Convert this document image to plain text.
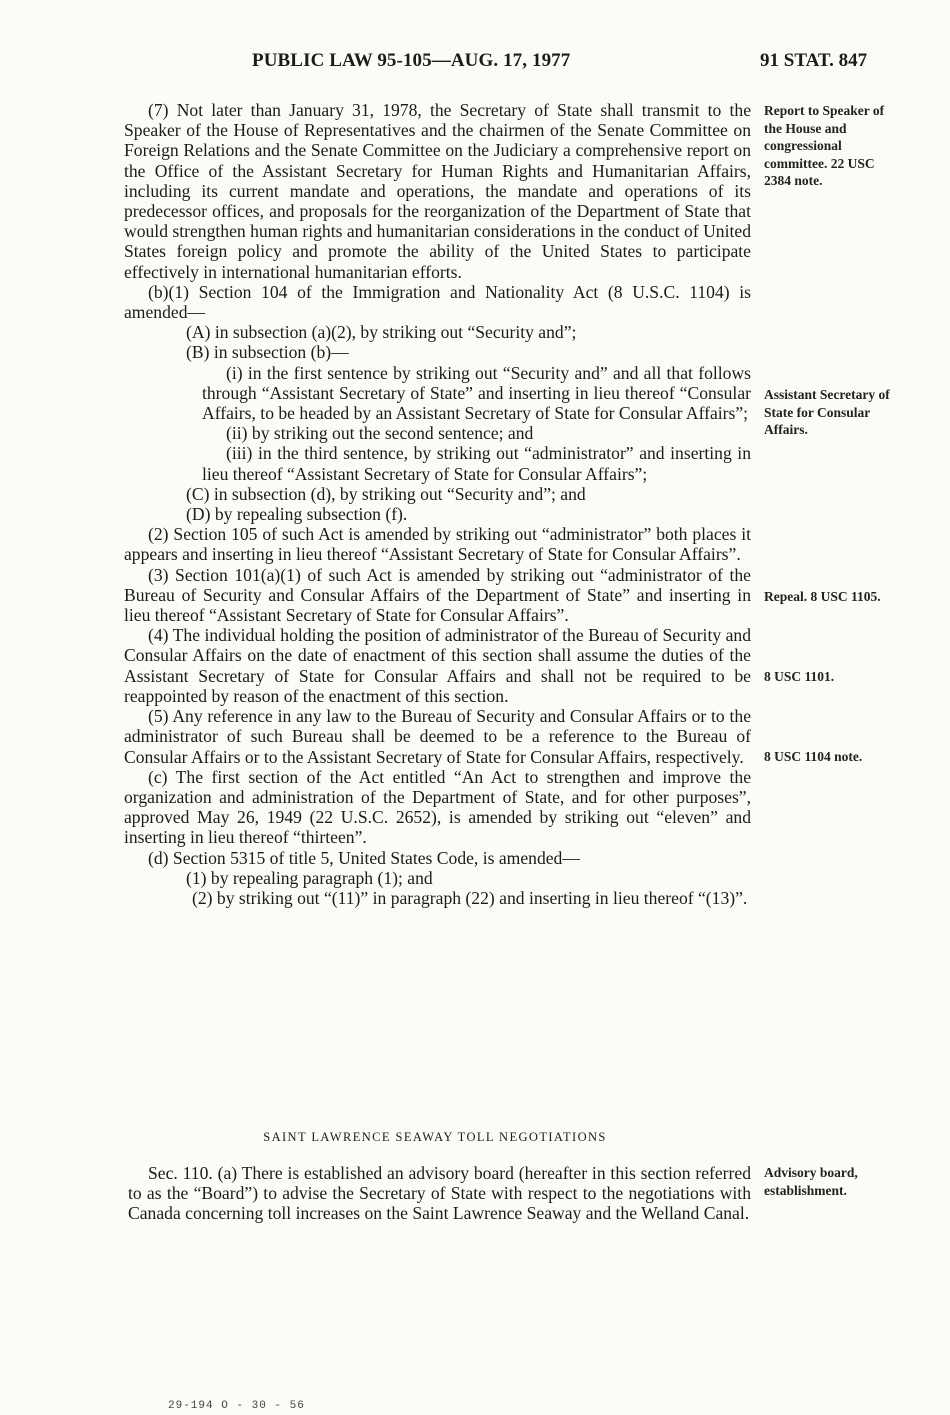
PUBLIC LAW 95-105—AUG. 17, 1977	91 STAT. 847

(7) Not later than January 31, 1978, the Secretary of State shall transmit to the Speaker of the House of Representatives and the chairmen of the Senate Committee on Foreign Relations and the Senate Committee on the Judiciary a comprehensive report on the Office of the Assistant Secretary for Human Rights and Humanitarian Affairs, including its current mandate and operations, the mandate and operations of its predecessor offices, and proposals for the reorganization of the Department of State that would strengthen human rights and humanitarian considerations in the conduct of United States foreign policy and promote the ability of the United States to participate effectively in international humanitarian efforts.

(b)(1) Section 104 of the Immigration and Nationality Act (8 U.S.C. 1104) is amended—

(A) in subsection (a)(2), by striking out “Security and”;

(B) in subsection (b)—

(i) in the first sentence by striking out “Security and” and all that follows through “Assistant Secretary of State” and inserting in lieu thereof “Consular Affairs, to be headed by an Assistant Secretary of State for Consular Affairs”;

(ii) by striking out the second sentence; and

(iii) in the third sentence, by striking out “administrator” and inserting in lieu thereof “Assistant Secretary of State for Consular Affairs”;

(C) in subsection (d), by striking out “Security and”; and

(D) by repealing subsection (f).

(2) Section 105 of such Act is amended by striking out “administrator” both places it appears and inserting in lieu thereof “Assistant Secretary of State for Consular Affairs”.

(3) Section 101(a)(1) of such Act is amended by striking out “administrator of the Bureau of Security and Consular Affairs of the Department of State” and inserting in lieu thereof “Assistant Secretary of State for Consular Affairs”.

(4) The individual holding the position of administrator of the Bureau of Security and Consular Affairs on the date of enactment of this section shall assume the duties of the Assistant Secretary of State for Consular Affairs and shall not be required to be reappointed by reason of the enactment of this section.

(5) Any reference in any law to the Bureau of Security and Consular Affairs or to the administrator of such Bureau shall be deemed to be a reference to the Bureau of Consular Affairs or to the Assistant Secretary of State for Consular Affairs, respectively.

(c) The first section of the Act entitled “An Act to strengthen and improve the organization and administration of the Department of State, and for other purposes”, approved May 26, 1949 (22 U.S.C. 2652), is amended by striking out “eleven” and inserting in lieu thereof “thirteen”.

(d) Section 5315 of title 5, United States Code, is amended—

(1) by repealing paragraph (1); and

(2) by striking out “(11)” in paragraph (22) and inserting in lieu thereof “(13)”.

SAINT LAWRENCE SEAWAY TOLL NEGOTIATIONS

Sec. 110. (a) There is established an advisory board (hereafter in this section referred to as the “Board”) to advise the Secretary of State with respect to the negotiations with Canada concerning toll increases on the Saint Lawrence Seaway and the Welland Canal.

Report to Speaker of the House and congressional committee. 22 USC 2384 note.
Assistant Secretary of State for Consular Affairs.
Repeal. 8 USC 1105.
8 USC 1101.
8 USC 1104 note.
Advisory board, establishment.
29-194 O - 30 - 56
